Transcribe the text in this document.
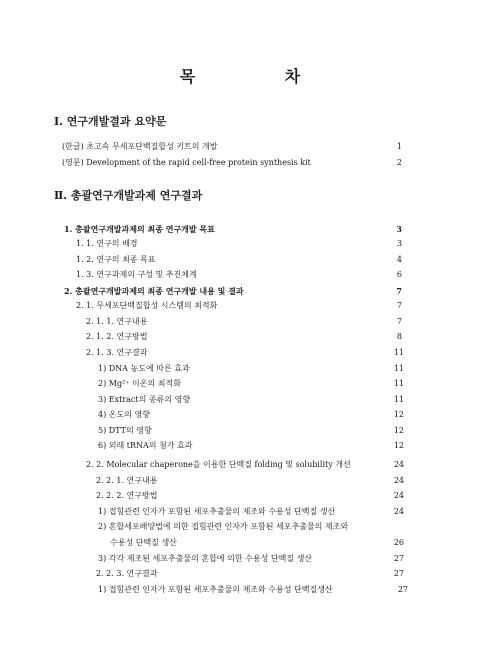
목 차
Ⅰ. 연구개발결과 요약문
(한글) 초고속 무세포단백질합성 키트의 개발	1
(영문) Development of the rapid cell-free protein synthesis kit	2
Ⅱ. 총괄연구개발과제 연구결과
1. 총괄연구개발과제의 최종 연구개발 목표	3
1. 1. 연구의 배경	3
1. 2. 연구의 최종 목표	4
1. 3. 연구과제의 구성 및 추진체계	6
2. 총괄연구개발과제의 최종 연구개발 내용 및 결과	7
2. 1. 무세포단백질합성 시스템의 최적화	7
2. 1. 1. 연구내용	7
2. 1. 2. 연구방법	8
2. 1. 3. 연구결과	11
1) DNA 농도에 따른 효과	11
2) Mg²⁺ 이온의 최적화	11
3) Extract의 종류의 영향	11
4) 온도의 영향	12
5) DTT의 영향	12
6) 외래 tRNA의 첨가 효과	12
2. 2. Molecular chaperone을 이용한 단백질 folding 및 solubility 개선	24
2. 2. 1. 연구내용	24
2. 2. 2. 연구방법	24
1) 접힘관련 인자가 포함된 세포추출물의 제조와 수용성 단백질 생산	24
2) 혼합세포배양법에 의한 접힘관련 인자가 포함된 세포추출물의 제조와
수용성 단백질 생산	26
3) 각각 제조된 세포추출물의 혼합에 의한 수용성 단백질 생산	27
2. 2. 3. 연구결과	27
1) 접힘관련 인자가 포함된 세포추출물의 제조와 수용성 단백질생산	27
